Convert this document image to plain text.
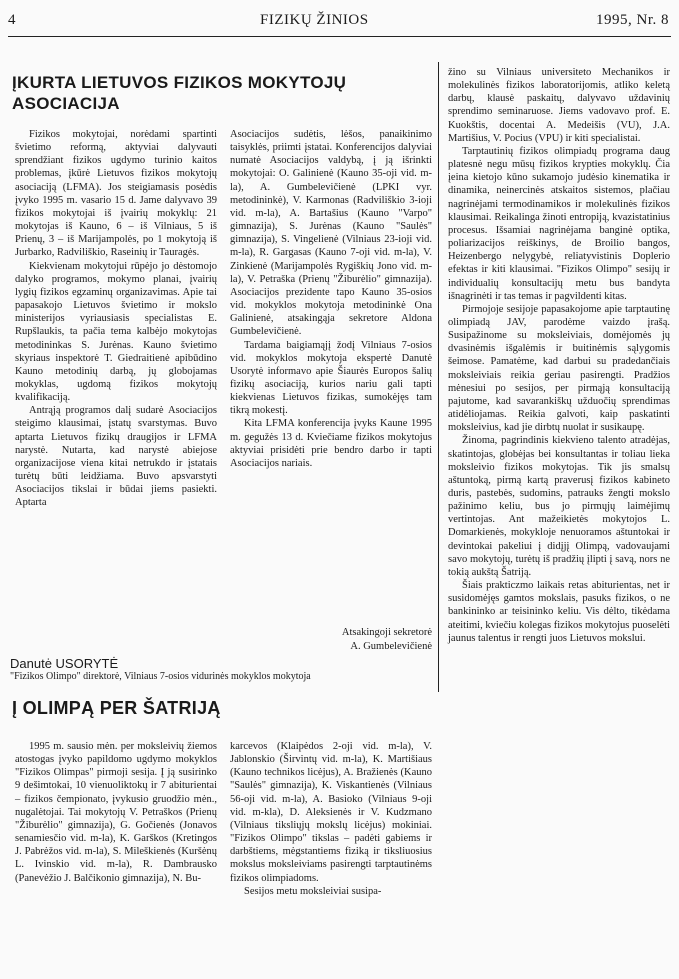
4	FIZIKŲ ŽINIOS	1995, Nr. 8
ĮKURTA LIETUVOS FIZIKOS MOKYTOJŲ
ASOCIACIJA

Fizikos mokytojai, norėdami spartinti švietimo reformą, aktyviai dalyvauti sprendžiant fizikos ugdymo turinio kaitos problemas, įkūrė Lietuvos fizikos mokytojų asociaciją (LFMA). Jos steigiamasis posėdis įvyko 1995 m. vasario 15 d. Jame dalyvavo 39 fizikos mokytojai iš įvairių mokyklų: 21 mokytojas iš Kauno, 6 – iš Vilniaus, 5 iš Prienų, 3 – iš Marijampolės, po 1 mokytoją iš Jurbarko, Radviliškio, Raseinių ir Tauragės.

Kiekvienam mokytojui rūpėjo jo dėstomojo dalyko programos, mokymo planai, įvairių lygių fizikos egzaminų organizavimas. Apie tai papasakojo Lietuvos švietimo ir mokslo ministerijos vyriausiasis specialistas E. Rupšlaukis, ta pačia tema kalbėjo mokytojas metodininkas S. Jurėnas. Kauno švietimo skyriaus inspektorė T. Giedraitienė apibūdino Kauno metodinių darbą, jų globojamas mokyklas, ugdomą fizikos mokytojų kvalifikaciją.

Antrąją programos dalį sudarė Asociacijos steigimo klausimai, įstatų svarstymas. Buvo aptarta Lietuvos fizikų draugijos ir LFMA narystė. Nutarta, kad narystė abiejose organizacijose viena kitai netrukdo ir įstatais turėtų būti leidžiama. Buvo apsvarstyti Asociacijos tikslai ir būdai jiems pasiekti. Aptarta

Asociacijos sudėtis, lėšos, panaikinimo taisyklės, priimti įstatai. Konferencijos dalyviai numatė Asociacijos valdybą, į ją išrinkti mokytojai: O. Galinienė (Kauno 35-oji vid. m-la), A. Gumbelevičienė (LPKI vyr. metodininkė), V. Karmonas (Radviliškio 3-ioji vid. m-la), A. Bartašius (Kauno "Varpo" gimnazija), S. Jurėnas (Kauno "Saulės" gimnazija), S. Vingelienė (Vilniaus 23-ioji vid. m-la), R. Gargasas (Kauno 7-oji vid. m-la), V. Zinkienė (Marijampolės Rygiškių Jono vid. m-la), V. Petraška (Prienų "Žiburėlio" gimnazija). Asociacijos prezidente tapo Kauno 35-osios vid. mokyklos mokytoja metodininkė Ona Galinienė, atsakingąja sekretore Aldona Gumbelevičienė.

Tardama baigiamąjį žodį Vilniaus 7-osios vid. mokyklos mokytoja ekspertė Danutė Usorytė informavo apie Šiaurės Europos šalių fizikų asociaciją, kurios nariu gali tapti kiekvienas Lietuvos fizikas, sumokėjęs tam tikrą mokestį.

Kita LFMA konferencija įvyks Kaune 1995 m. gegužės 13 d. Kviečiame fizikos mokytojus aktyviai prisidėti prie bendro darbo ir tapti Asociacijos nariais.

Atsakingoji sekretorė
A. Gumbelevičienė
Danutė USORYTĖ
"Fizikos Olimpo" direktorė, Vilniaus 7-osios vidurinės mokyklos mokytoja
Į OLIMPĄ PER ŠATRIJĄ

1995 m. sausio mėn. per moksleivių žiemos atostogas įvyko papildomo ugdymo mokyklos "Fizikos Olimpas" pirmoji sesija. Į ją susirinko 9 dešimtokai, 10 vienuoliktokų ir 7 abiturientai – fizikos čempionato, įvykusio gruodžio mėn., nugalėtojai. Tai mokytojų V. Petraškos (Prienų "Žiburėlio" gimnazija), G. Gočienės (Jonavos senamiesčio vid. m-la), K. Garškos (Kretingos J. Pabrėžos vid. m-la), S. Mileškienės (Kuršėnų L. Ivinskio vid. m-la), R. Dambrausko (Panevėžio J. Balčikonio gimnazija), N. Bu-

karcevos (Klaipėdos 2-oji vid. m-la), V. Jablonskio (Širvintų vid. m-la), K. Martišiaus (Kauno technikos licėjus), A. Bražienės (Kauno "Saulės" gimnazija), K. Viskantienės (Vilniaus 56-oji vid. m-la), A. Basioko (Vilniaus 9-oji vid. m-kla), D. Aleksienės ir V. Kudzmano (Vilniaus tiksliųjų mokslų licėjus) mokiniai. "Fizikos Olimpo" tikslas – padėti gabiems ir darbštiems, mėgstantiems fiziką ir tiksliuosius mokslus moksleiviams pasirengti tarptautinėms fizikos olimpiadoms.

Sesijos metu moksleiviai susipa-

žino su Vilniaus universiteto Mechanikos ir molekulinės fizikos laboratorijomis, atliko keletą darbų, klausė paskaitų, dalyvavo uždavinių sprendimo seminaruose. Jiems vadovavo prof. E. Kuokštis, docentai A. Medeišis (VU), J.A. Martišius, V. Pocius (VPU) ir kiti specialistai.

Tarptautinių fizikos olimpiadų programa daug platesnė negu mūsų fizikos krypties mokyklų. Čia įeina kietojo kūno sukamojo judėsio kinematika ir dinamika, neinercinės atskaitos sistemos, plačiau nagrinėjami termodinamikos ir molekulinės fizikos klausimai. Reikalinga žinoti entropiją, kvazistatinius procesus. Išsamiai nagrinėjama banginė optika, poliarizacijos reiškinys, de Broilio bangos, Heizenbergo nelygybė, reliatyvistinis Doplerio efektas ir kiti klausimai. "Fizikos Olimpo" sesijų ir individualių konsultacijų metu bus bandyta išnagrinėti ir tas temas ir pagvildenti kitas.

Pirmojoje sesijoje papasakojome apie tarptautinę olimpiadą JAV, parodėme vaizdo įrašą. Susipažinome su moksleiviais, domėjomės jų dvasinėmis išgalėmis ir buitinėmis sąlygomis šeimose. Pamatėme, kad darbui su pradedančiais moksleiviais reikia geriau pasirengti. Pradžios mėnesiui po sesijos, per pirmąją konsultaciją pajutome, kad savarankiškų užduočių sprendimas atidėliojamas. Reikia galvoti, kaip paskatinti moksleivius, kad jie dirbtų nuolat ir susikaupę.

Žinoma, pagrindinis kiekvieno talento atradėjas, skatintojas, globėjas bei konsultantas ir toliau lieka moksleivio fizikos mokytojas. Tik jis smalsų aštuntoką, pirmą kartą praverusį fizikos kabineto duris, pastebės, sudomins, patrauks žengti mokslo pažinimo keliu, bus jo pirmųjų laimėjimų vertintojas. Ant mažeikietės mokytojos L. Domarkienės, mokykloje nenuoramos aštuntokai ir devintokai pakeliui į didįjį Olimpą, vadovaujami savo mokytojų, turėtų iš pradžių įlipti į savą, nors ne tokią aukštą Šatriją.

Šiais prakticzmo laikais retas abiturientas, net ir susidomėjęs gamtos mokslais, pasuks fizikos, o ne bankininko ar teisininko keliu. Vis dėlto, tikėdama ateitimi, kviečiu kolegas fizikos mokytojus puoselėti jaunus talentus ir rengti juos Lietuvos mokslui.
